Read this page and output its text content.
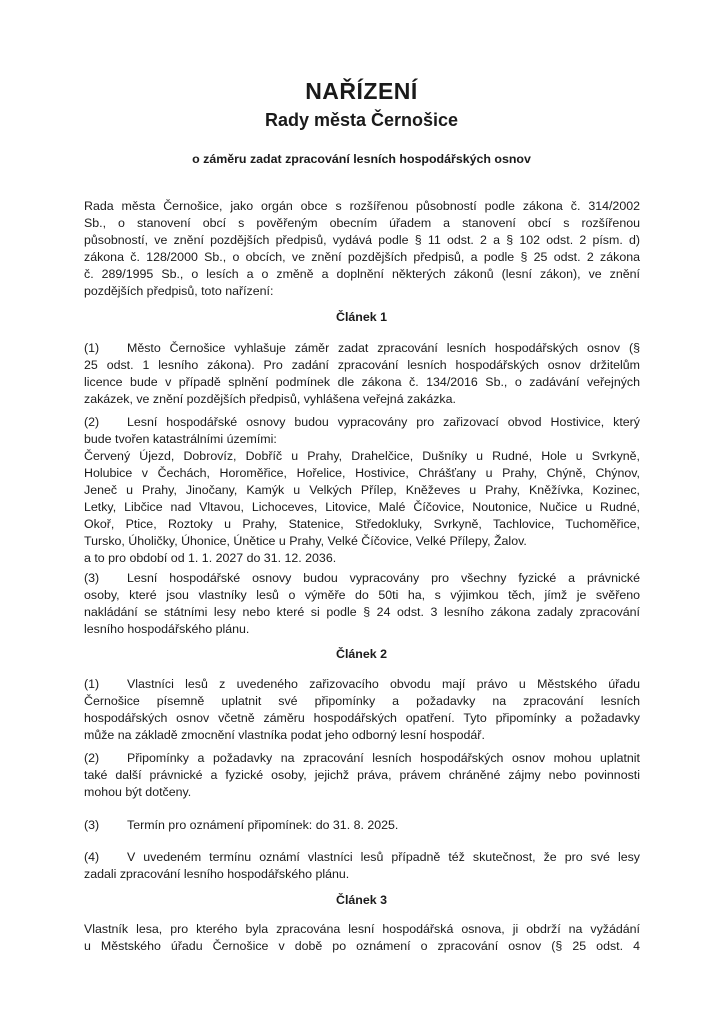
NAŘÍZENÍ
Rady města Černošice
o záměru zadat zpracování lesních hospodářských osnov
Rada města Černošice, jako orgán obce s rozšířenou působností podle zákona č. 314/2002
Sb., o stanovení obcí s pověřeným obecním úřadem a stanovení obcí s rozšířenou
působností, ve znění pozdějších předpisů, vydává podle § 11 odst. 2 a § 102 odst. 2 písm. d)
zákona č. 128/2000 Sb., o obcích, ve znění pozdějších předpisů, a podle § 25 odst. 2 zákona
č. 289/1995 Sb., o lesích a o změně a doplnění některých zákonů (lesní zákon), ve znění
pozdějších předpisů, toto nařízení:
Článek 1
(1) Město Černošice vyhlašuje záměr zadat zpracování lesních hospodářských osnov (§
25 odst. 1 lesního zákona). Pro zadání zpracování lesních hospodářských osnov držitelům
licence bude v případě splnění podmínek dle zákona č. 134/2016 Sb., o zadávání veřejných
zakázek, ve znění pozdějších předpisů, vyhlášena veřejná zakázka.
(2) Lesní hospodářské osnovy budou vypracovány pro zařizovací obvod Hostivice, který
bude tvořen katastrálními územími:
Červený Újezd, Dobrovíz, Dobříč u Prahy, Drahelčice, Dušníky u Rudné, Hole u Svrkyně,
Holubice v Čechách, Horoměřice, Hořelice, Hostivice, Chrášťany u Prahy, Chýně, Chýnov,
Jeneč u Prahy, Jinočany, Kamýk u Velkých Přílep, Kněževes u Prahy, Kněžívka, Kozinec,
Letky, Libčice nad Vltavou, Lichoceves, Litovice, Malé Číčovice, Noutonice, Nučice u Rudné,
Okoř, Ptice, Roztoky u Prahy, Statenice, Středokluky, Svrkyně, Tachlovice, Tuchoměřice,
Tursko, Úholičky, Úhonice, Únětice u Prahy, Velké Číčovice, Velké Přílepy, Žalov.
a to pro období od 1. 1. 2027 do 31. 12. 2036.
(3) Lesní hospodářské osnovy budou vypracovány pro všechny fyzické a právnické
osoby, které jsou vlastníky lesů o výměře do 50ti ha, s výjimkou těch, jímž je svěřeno
nakládání se státními lesy nebo které si podle § 24 odst. 3 lesního zákona zadaly zpracování
lesního hospodářského plánu.
Článek 2
(1) Vlastníci lesů z uvedeného zařizovacího obvodu mají právo u Městského úřadu
Černošice písemně uplatnit své připomínky a požadavky na zpracování lesních
hospodářských osnov včetně záměru hospodářských opatření. Tyto připomínky a požadavky
může na základě zmocnění vlastníka podat jeho odborný lesní hospodář.
(2) Připomínky a požadavky na zpracování lesních hospodářských osnov mohou uplatnit
také další právnické a fyzické osoby, jejichž práva, právem chráněné zájmy nebo povinnosti
mohou být dotčeny.
(3) Termín pro oznámení připomínek: do 31. 8. 2025.
(4) V uvedeném termínu oznámí vlastníci lesů případně též skutečnost, že pro své lesy
zadali zpracování lesního hospodářského plánu.
Článek 3
Vlastník lesa, pro kterého byla zpracována lesní hospodářská osnova, ji obdrží na vyžádání
u Městského úřadu Černošice v době po oznámení o zpracování osnov (§ 25 odst. 4
